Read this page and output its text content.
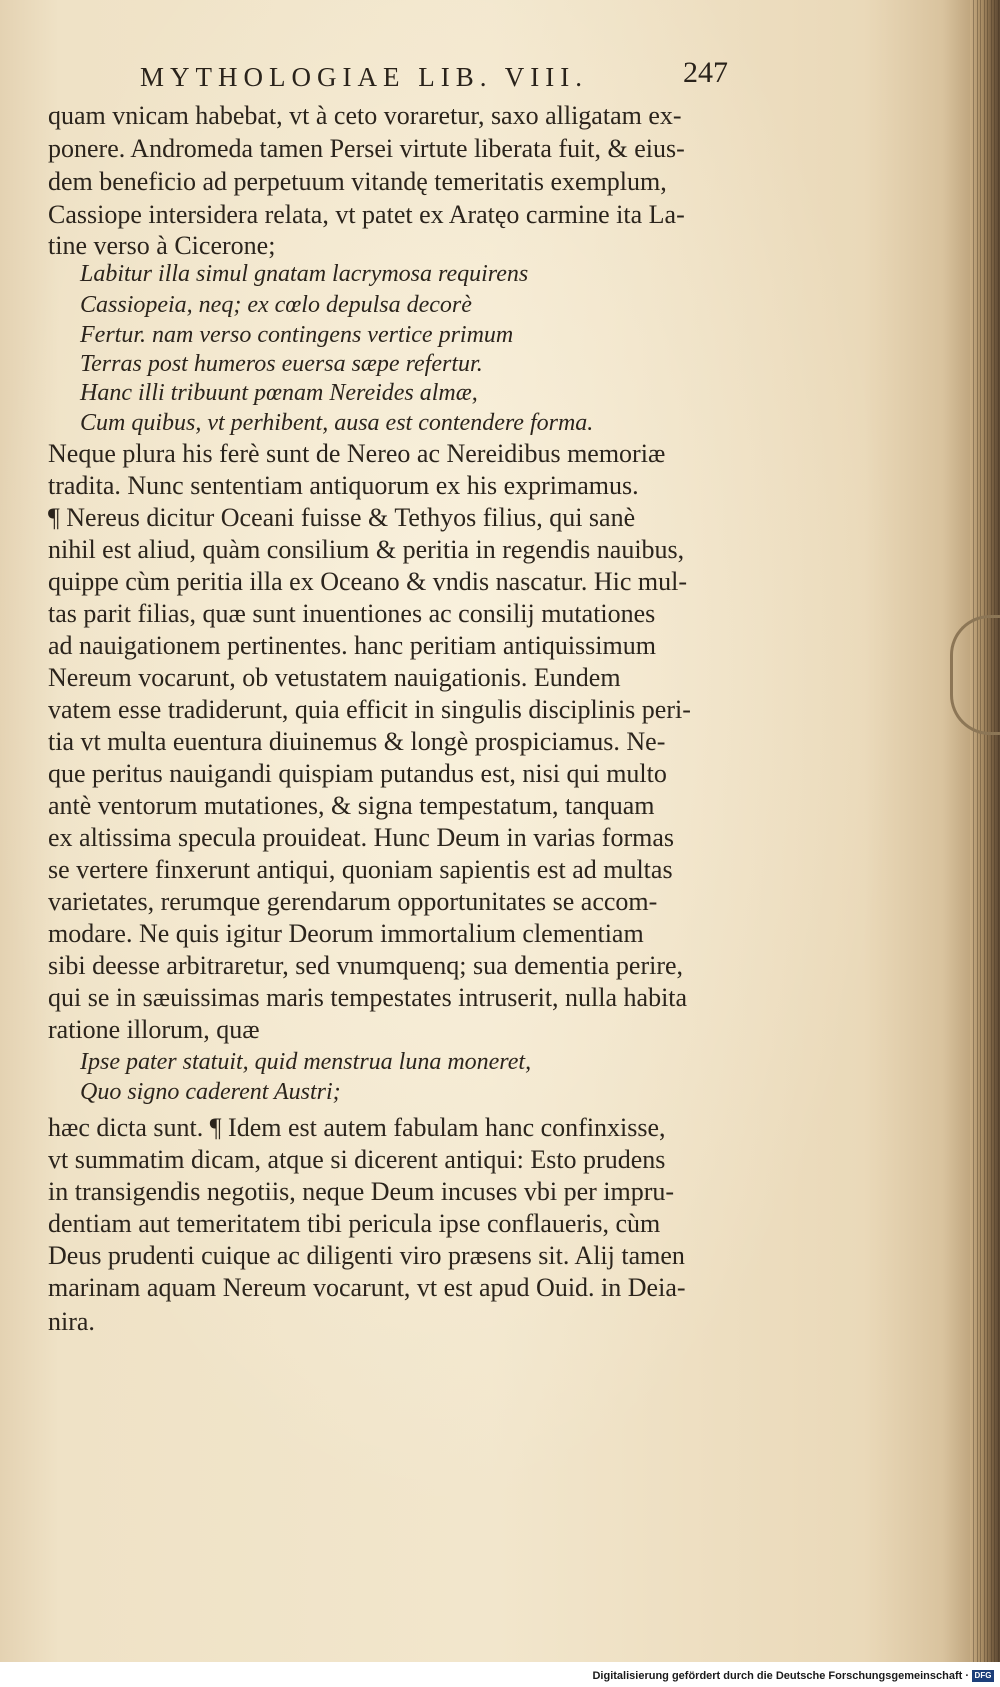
MYTHOLOGIAE LIB. VIII.	247
quam vnicam habebat, vt à ceto voraretur, saxo alligatam ex-
ponere. Andromeda tamen Persei virtute liberata fuit, & eius-
dem beneficio ad perpetuum vitandę temeritatis exemplum,
Cassiope intersidera relata, vt patet ex Aratęo carmine ita La-
tine verso à Cicerone;
Labitur illa simul gnatam lacrymosa requirens
Cassiopeia, neq; ex cœlo depulsa decorè
Fertur. nam verso contingens vertice primum
Terras post humeros euersa sæpe refertur.
Hanc illi tribuunt pœnam Nereides almæ,
Cum quibus, vt perhibent, ausa est contendere forma.
Neque plura his ferè sunt de Nereo ac Nereidibus memoriæ
tradita. Nunc sententiam antiquorum ex his exprimamus.
¶ Nereus dicitur Oceani fuisse & Tethyos filius, qui sanè
nihil est aliud, quàm consilium & peritia in regendis nauibus,
quippe cùm peritia illa ex Oceano & vndis nascatur. Hic mul-
tas parit filias, quæ sunt inuentiones ac consilij mutationes
ad nauigationem pertinentes. hanc peritiam antiquissimum
Nereum vocarunt, ob vetustatem nauigationis. Eundem
vatem esse tradiderunt, quia efficit in singulis disciplinis peri-
tia vt multa euentura diuinemus & longè prospiciamus. Ne-
que peritus nauigandi quispiam putandus est, nisi qui multo
antè ventorum mutationes, & signa tempestatum, tanquam
ex altissima specula prouideat. Hunc Deum in varias formas
se vertere finxerunt antiqui, quoniam sapientis est ad multas
varietates, rerumque gerendarum opportunitates se accom-
modare. Ne quis igitur Deorum immortalium clementiam
sibi deesse arbitraretur, sed vnumquenq; sua dementia perire,
qui se in sæuissimas maris tempestates intruserit, nulla habita
ratione illorum, quæ
Ipse pater statuit, quid menstrua luna moneret,
Quo signo caderent Austri;
hæc dicta sunt. ¶ Idem est autem fabulam hanc confinxisse,
vt summatim dicam, atque si dicerent antiqui: Esto prudens
in transigendis negotiis, neque Deum incuses vbi per impru-
dentiam aut temeritatem tibi pericula ipse conflaueris, cùm
Deus prudenti cuique ac diligenti viro præsens sit. Alij tamen
marinam aquam Nereum vocarunt, vt est apud Ouid. in Deia-
nira.
Digitalisierung gefördert durch die Deutsche Forschungsgemeinschaft · DFG
